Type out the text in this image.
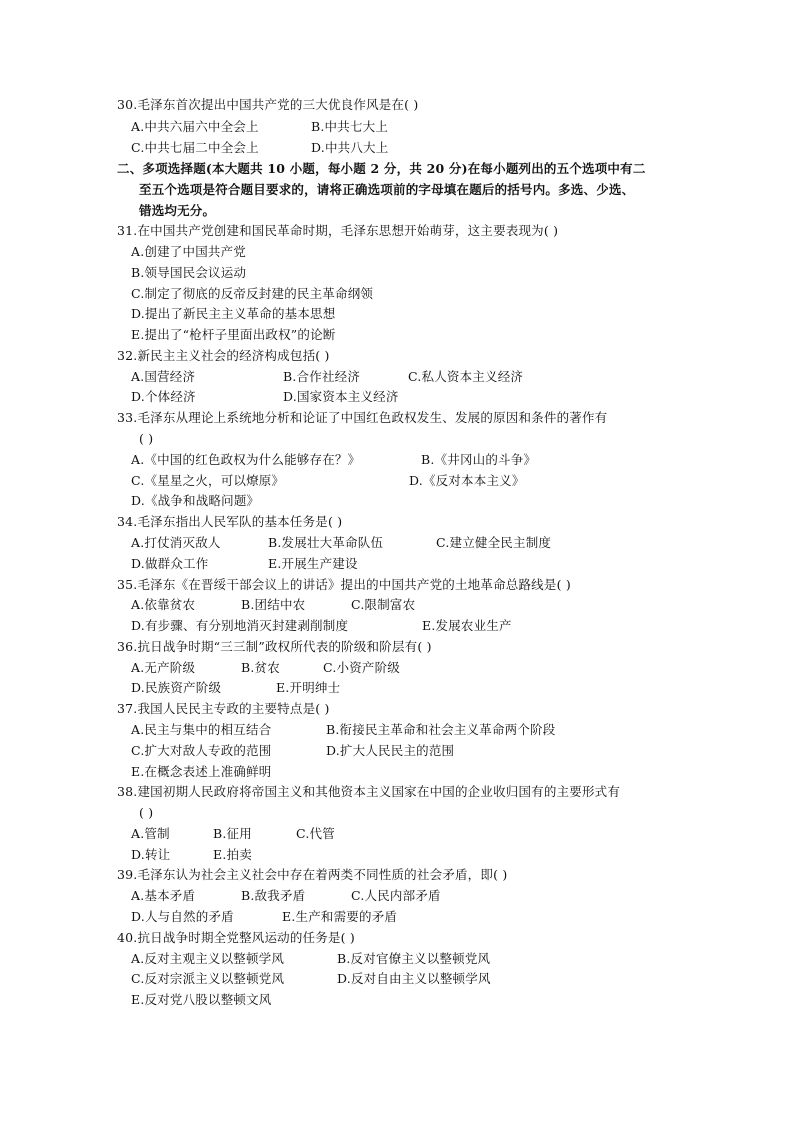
30.毛泽东首次提出中国共产党的三大优良作风是在( )
A.中共六届六中全会上	B.中共七大上
C.中共七届二中全会上	D.中共八大上
二、多项选择题(本大题共 10 小题，每小题 2 分，共 20 分)在每小题列出的五个选项中有二
至五个选项是符合题目要求的，请将正确选项前的字母填在题后的括号内。多选、少选、
错选均无分。
31.在中国共产党创建和国民革命时期，毛泽东思想开始萌芽，这主要表现为( )
A.创建了中国共产党
B.领导国民会议运动
C.制定了彻底的反帝反封建的民主革命纲领
D.提出了新民主主义革命的基本思想
E.提出了“枪杆子里面出政权”的论断
32.新民主主义社会的经济构成包括( )
A.国营经济	B.合作社经济	C.私人资本主义经济
D.个体经济	D.国家资本主义经济
33.毛泽东从理论上系统地分析和论证了中国红色政权发生、发展的原因和条件的著作有
( )
A.《中国的红色政权为什么能够存在？》	B.《井冈山的斗争》
C.《星星之火，可以燎原》	D.《反对本本主义》
D.《战争和战略问题》
34.毛泽东指出人民军队的基本任务是( )
A.打仗消灭敌人	B.发展壮大革命队伍	C.建立健全民主制度
D.做群众工作	E.开展生产建设
35.毛泽东《在晋绥干部会议上的讲话》提出的中国共产党的土地革命总路线是( )
A.依靠贫农	B.团结中农	C.限制富农
D.有步骤、有分别地消灭封建剥削制度	E.发展农业生产
36.抗日战争时期“三三制”政权所代表的阶级和阶层有( )
A.无产阶级	B.贫农	C.小资产阶级
D.民族资产阶级	E.开明绅士
37.我国人民民主专政的主要特点是( )
A.民主与集中的相互结合	B.衔接民主革命和社会主义革命两个阶段
C.扩大对敌人专政的范围	D.扩大人民民主的范围
E.在概念表述上准确鲜明
38.建国初期人民政府将帝国主义和其他资本主义国家在中国的企业收归国有的主要形式有
( )
A.管制	B.征用	C.代管
D.转让	E.拍卖
39.毛泽东认为社会主义社会中存在着两类不同性质的社会矛盾，即( )
A.基本矛盾	B.敌我矛盾	C.人民内部矛盾
D.人与自然的矛盾	E.生产和需要的矛盾
40.抗日战争时期全党整风运动的任务是( )
A.反对主观主义以整顿学风	B.反对官僚主义以整顿党风
C.反对宗派主义以整顿党风	D.反对自由主义以整顿学风
E.反对党八股以整顿文风
